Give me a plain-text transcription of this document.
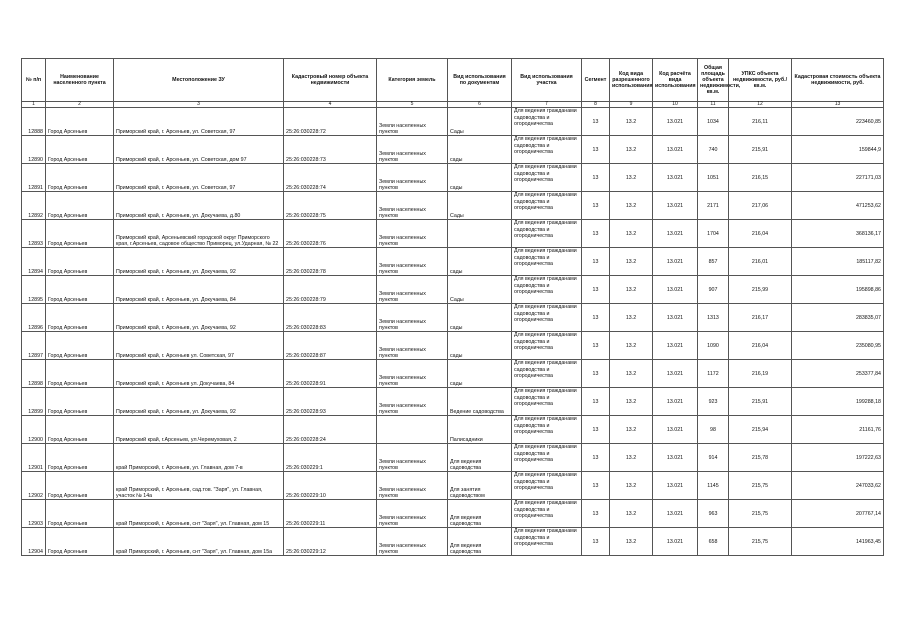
№ п/п	Наименование населенного пункта	Местоположение ЗУ	Кадастровый номер объекта недвижимости	Категория земель	Вид использования по документам	Вид использования участка	Сегмент	Код вида разрешенного использования	Код расчёта вида использования	Общая площадь объекта недвижимости, кв.м.	УПКС объекта недвижимости, руб./кв.м.	Кадастровая стоимость объекта недвижимости, руб.
1	2	3	4	5	6	7	8	9	10	11	12	13

12888	Город Арсеньев	Приморский край, г. Арсеньев, ул. Советская, 97	25:26:030228:72	Земли населенных пунктов	Сады	Для ведения гражданами садоводства и огородничества	13	13.2	13.021	1034	216,11	223460,85

12890	Город Арсеньев	Приморский край, г. Арсеньев, ул. Советская, дом 97	25:26:030228:73	Земли населенных пунктов	сады	Для ведения гражданами садоводства и огородничества	13	13.2	13.021	740	215,91	159844,9

12891	Город Арсеньев	Приморский край, г. Арсеньев, ул. Советская, 97	25:26:030228:74	Земли населенных пунктов	сады	Для ведения гражданами садоводства и огородничества	13	13.2	13.021	1051	216,15	227171,03

12892	Город Арсеньев	Приморский край, г. Арсеньев, ул. Докучаева, д.80	25:26:030228:75	Земли населенных пунктов	Сады	Для ведения гражданами садоводства и огородничества	13	13.2	13.021	2171	217,06	471253,62

12893	Город Арсеньев	Приморский край, Арсеньевский городской округ Приморского края, г.Арсеньев, садовое общество Приморец, ул.Ударная, № 22	25:26:030228:76	Земли населенных пунктов		Для ведения гражданами садоводства и огородничества	13	13.2	13.021	1704	216,04	368136,17

12894	Город Арсеньев	Приморский край, г. Арсеньев, ул. Докучаева, 92	25:26:030228:78	Земли населенных пунктов	сады	Для ведения гражданами садоводства и огородничества	13	13.2	13.021	857	216,01	185117,82

12895	Город Арсеньев	Приморский край, г. Арсеньев, ул. Докучаева, 84	25:26:030228:79	Земли населенных пунктов	Сады	Для ведения гражданами садоводства и огородничества	13	13.2	13.021	907	215,99	195898,86

12896	Город Арсеньев	Приморский край, г. Арсеньев, ул. Докучаева, 92	25:26:030228:83	Земли населенных пунктов	сады	Для ведения гражданами садоводства и огородничества	13	13.2	13.021	1313	216,17	283835,07

12897	Город Арсеньев	Приморский край, г. Арсеньев ул. Советская, 97	25:26:030228:87	Земли населенных пунктов	сады	Для ведения гражданами садоводства и огородничества	13	13.2	13.021	1090	216,04	235080,95

12898	Город Арсеньев	Приморский край, г. Арсеньев ул. Докучаева, 84	25:26:030228:91	Земли населенных пунктов	сады	Для ведения гражданами садоводства и огородничества	13	13.2	13.021	1172	216,19	253377,84

12899	Город Арсеньев	Приморский край, г. Арсеньев, ул. Докучаева, 92	25:26:030228:93	Земли населенных пунктов	Ведение садоводства	Для ведения гражданами садоводства и огородничества	13	13.2	13.021	923	215,91	199288,18

12900	Город Арсеньев	Приморский край, г.Арсеньев, ул.Черемуховая, 2	25:26:030228:24		Палисадники	Для ведения гражданами садоводства и огородничества	13	13.2	13.021	98	215,94	21161,76

12901	Город Арсеньев	край Приморский, г. Арсеньев, ул. Главная, дом 7-в	25:26:030229:1	Земли населенных пунктов	Для ведения садоводства	Для ведения гражданами садоводства и огородничества	13	13.2	13.021	914	215,78	197222,63

12902	Город Арсеньев	край Приморский, г. Арсеньев, сад.тов. "Заря", ул. Главная, участок № 14а	25:26:030229:10	Земли населенных пунктов	Для занятия садоводством	Для ведения гражданами садоводства и огородничества	13	13.2	13.021	1145	215,75	247033,62

12903	Город Арсеньев	край Приморский, г. Арсеньев, снт "Заря", ул. Главная, дом 15	25:26:030229:11	Земли населенных пунктов	Для ведения садоводства	Для ведения гражданами садоводства и огородничества	13	13.2	13.021	963	215,75	207767,14

12904	Город Арсеньев	край Приморский, г. Арсеньев, снт "Заря", ул. Главная, дом 15а	25:26:030229:12	Земли населенных пунктов	Для ведения садоводства	Для ведения гражданами садоводства и огородничества	13	13.2	13.021	658	215,75	141963,45
